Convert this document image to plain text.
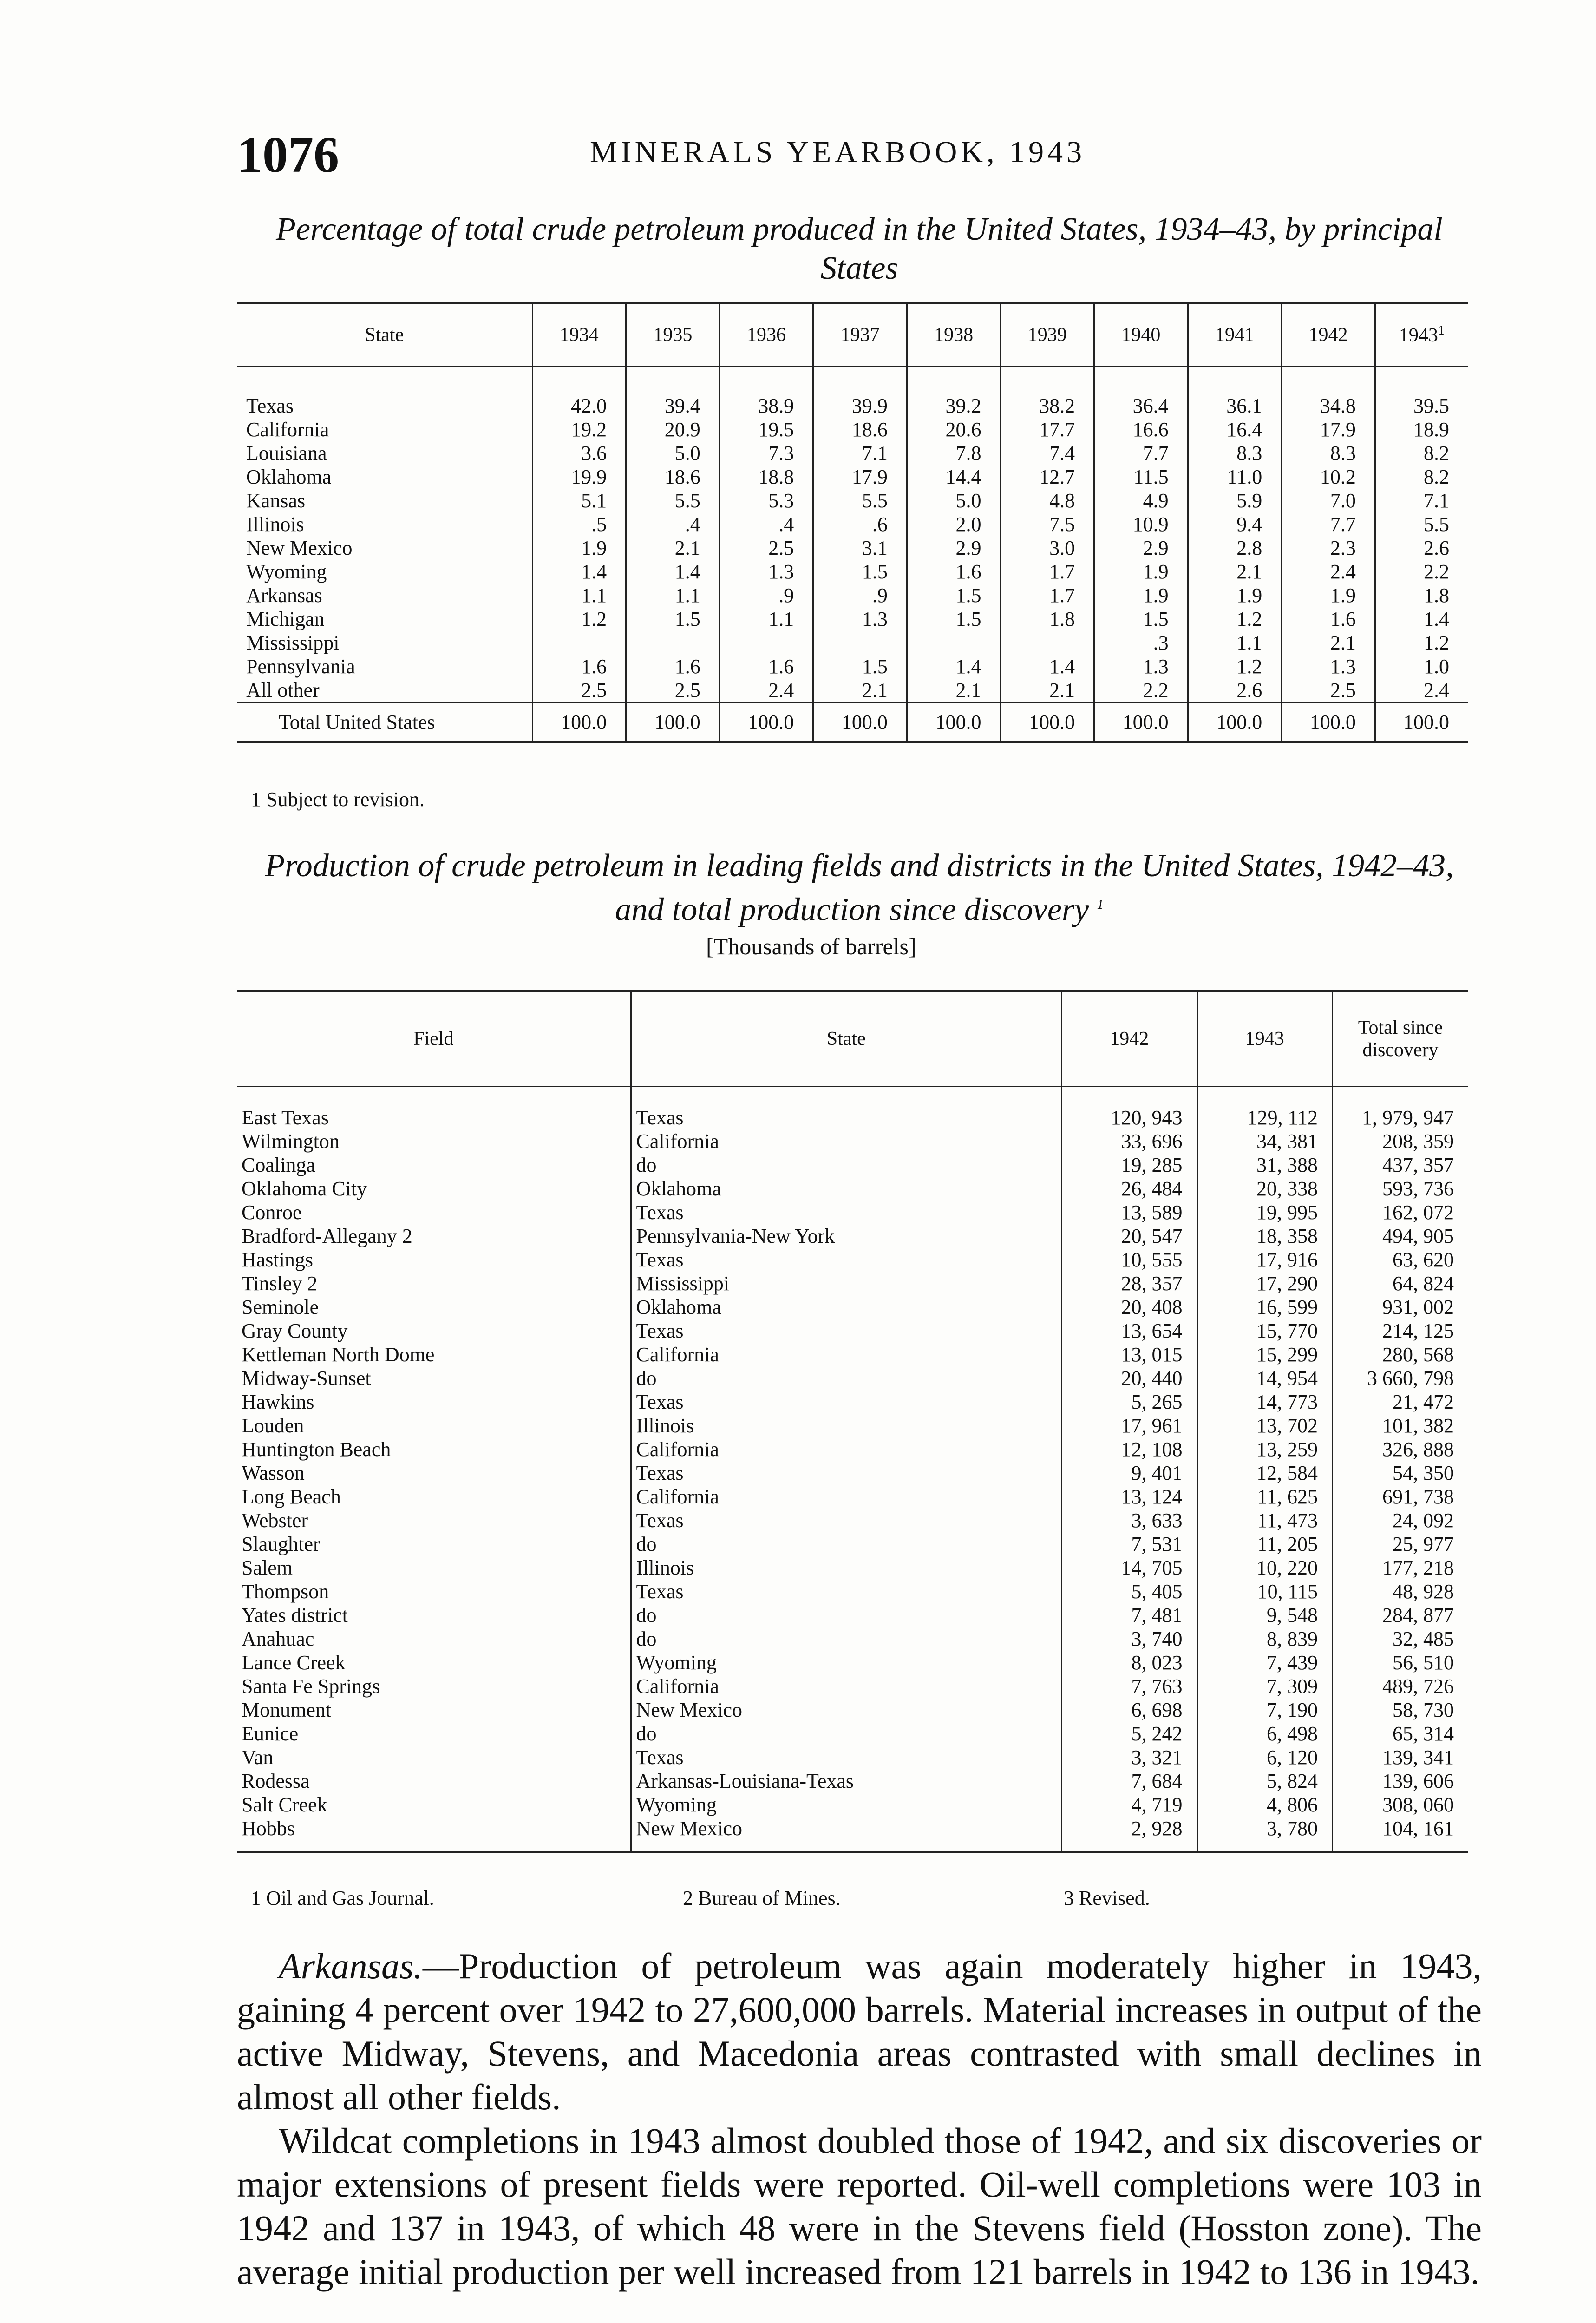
1076	MINERALS YEARBOOK, 1943
Percentage of total crude petroleum produced in the United States, 1934–43, by principal States
State	1934	1935	1936	1937	1938	1939	1940	1941	1942	1943$^1$
Texas	42.0	39.4	38.9	39.9	39.2	38.2	36.4	36.1	34.8	39.5
California	19.2	20.9	19.5	18.6	20.6	17.7	16.6	16.4	17.9	18.9
Louisiana	3.6	5.0	7.3	7.1	7.8	7.4	7.7	8.3	8.3	8.2
Oklahoma	19.9	18.6	18.8	17.9	14.4	12.7	11.5	11.0	10.2	8.2
Kansas	5.1	5.5	5.3	5.5	5.0	4.8	4.9	5.9	7.0	7.1
Illinois	.5	.4	.4	.6	2.0	7.5	10.9	9.4	7.7	5.5
New Mexico	1.9	2.1	2.5	3.1	2.9	3.0	2.9	2.8	2.3	2.6
Wyoming	1.4	1.4	1.3	1.5	1.6	1.7	1.9	2.1	2.4	2.2
Arkansas	1.1	1.1	.9	.9	1.5	1.7	1.9	1.9	1.9	1.8
Michigan	1.2	1.5	1.1	1.3	1.5	1.8	1.5	1.2	1.6	1.4
Mississippi							.3	1.1	2.1	1.2
Pennsylvania	1.6	1.6	1.6	1.5	1.4	1.4	1.3	1.2	1.3	1.0
All other	2.5	2.5	2.4	2.1	2.1	2.1	2.2	2.6	2.5	2.4
Total United States	100.0	100.0	100.0	100.0	100.0	100.0	100.0	100.0	100.0	100.0
1 Subject to revision.
Production of crude petroleum in leading fields and districts in the United States, 1942–43, and total production since discovery $^1$
[Thousands of barrels]
Field	State	1942	1943	Total since discovery
East Texas	Texas	120, 943	129, 112	1, 979, 947
Wilmington	California	33, 696	34, 381	208, 359
Coalinga	do	19, 285	31, 388	437, 357
Oklahoma City	Oklahoma	26, 484	20, 338	593, 736
Conroe	Texas	13, 589	19, 995	162, 072
Bradford-Allegany 2	Pennsylvania-New York	20, 547	18, 358	494, 905
Hastings	Texas	10, 555	17, 916	63, 620
Tinsley 2	Mississippi	28, 357	17, 290	64, 824
Seminole	Oklahoma	20, 408	16, 599	931, 002
Gray County	Texas	13, 654	15, 770	214, 125
Kettleman North Dome	California	13, 015	15, 299	280, 568
Midway-Sunset	do	20, 440	14, 954	3 660, 798
Hawkins	Texas	5, 265	14, 773	21, 472
Louden	Illinois	17, 961	13, 702	101, 382
Huntington Beach	California	12, 108	13, 259	326, 888
Wasson	Texas	9, 401	12, 584	54, 350
Long Beach	California	13, 124	11, 625	691, 738
Webster	Texas	3, 633	11, 473	24, 092
Slaughter	do	7, 531	11, 205	25, 977
Salem	Illinois	14, 705	10, 220	177, 218
Thompson	Texas	5, 405	10, 115	48, 928
Yates district	do	7, 481	9, 548	284, 877
Anahuac	do	3, 740	8, 839	32, 485
Lance Creek	Wyoming	8, 023	7, 439	56, 510
Santa Fe Springs	California	7, 763	7, 309	489, 726
Monument	New Mexico	6, 698	7, 190	58, 730
Eunice	do	5, 242	6, 498	65, 314
Van	Texas	3, 321	6, 120	139, 341
Rodessa	Arkansas-Louisiana-Texas	7, 684	5, 824	139, 606
Salt Creek	Wyoming	4, 719	4, 806	308, 060
Hobbs	New Mexico	2, 928	3, 780	104, 161
1 Oil and Gas Journal.	2 Bureau of Mines.	3 Revised.

Arkansas.—Production of petroleum was again moderately higher in 1943, gaining 4 percent over 1942 to 27,600,000 barrels. Material increases in output of the active Midway, Stevens, and Macedonia areas contrasted with small declines in almost all other fields.

Wildcat completions in 1943 almost doubled those of 1942, and six discoveries or major extensions of present fields were reported. Oil-well completions were 103 in 1942 and 137 in 1943, of which 48 were in the Stevens field (Hosston zone). The average initial production per well increased from 121 barrels in 1942 to 136 in 1943.
